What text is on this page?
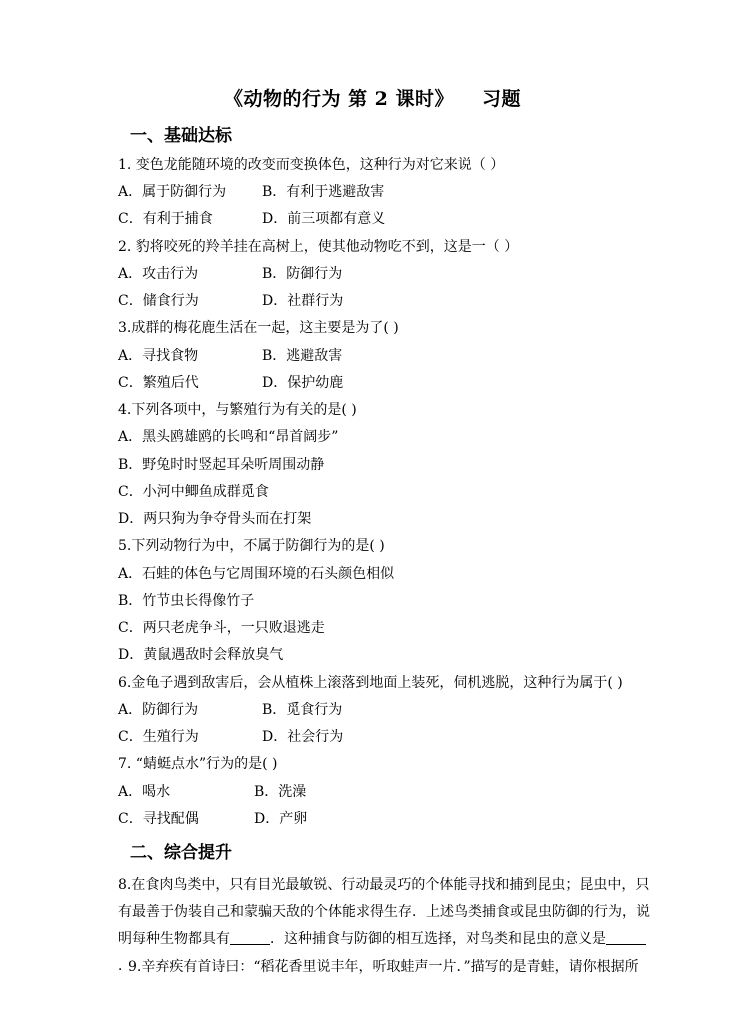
《动物的行为 第 2 课时》 习题
一、基础达标
1. 变色龙能随环境的改变而变换体色，这种行为对它来说（ ）
A．属于防御行为	B．有利于逃避敌害
C．有利于捕食	D．前三项都有意义
2. 豹将咬死的羚羊挂在高树上，使其他动物吃不到，这是一（ ）
A．攻击行为	B．防御行为
C．储食行为	D．社群行为
3.成群的梅花鹿生活在一起，这主要是为了( )
A．寻找食物	B．逃避敌害
C．繁殖后代	D．保护幼鹿
4.下列各项中，与繁殖行为有关的是( )
A．黑头鸥雄鸥的长鸣和“昂首阔步”
B．野兔时时竖起耳朵听周围动静
C．小河中鲫鱼成群觅食
D．两只狗为争夺骨头而在打架
5.下列动物行为中，不属于防御行为的是( )
A．石蛙的体色与它周围环境的石头颜色相似
B．竹节虫长得像竹子
C．两只老虎争斗，一只败退逃走
D．黄鼠遇敌时会释放臭气
6.金龟子遇到敌害后，会从植株上滚落到地面上装死，伺机逃脱，这种行为属于( )
A．防御行为	B．觅食行为
C．生殖行为	D．社会行为
7. “蜻蜓点水”行为的是( )
A．喝水	B．洗澡
C．寻找配偶	D．产卵
二、综合提升
8.在食肉鸟类中，只有目光最敏锐、行动最灵巧的个体能寻找和捕到昆虫；昆虫中，只有最善于伪装自己和蒙骗天敌的个体能求得生存．上述鸟类捕食或昆虫防御的行为，说明每种生物都具有	．这种捕食与防御的相互选择，对鸟类和昆虫的意义是．
9.辛弃疾有首诗曰：“稻花香里说丰年，听取蛙声一片．”描写的是青蛙，请你根据所
